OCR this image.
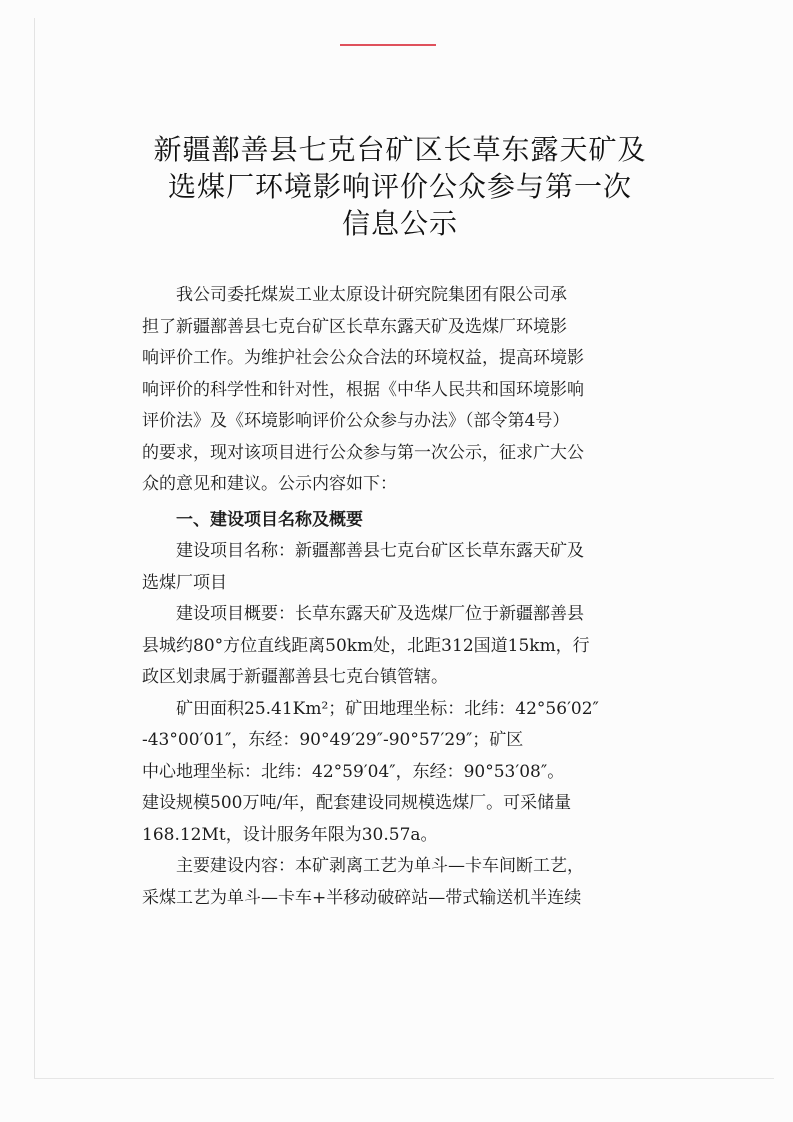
新疆鄯善县七克台矿区长草东露天矿及
选煤厂环境影响评价公众参与第一次
信息公示
我公司委托煤炭工业太原设计研究院集团有限公司承
担了新疆鄯善县七克台矿区长草东露天矿及选煤厂环境影
响评价工作。为维护社会公众合法的环境权益，提高环境影
响评价的科学性和针对性，根据《中华人民共和国环境影响
评价法》及《环境影响评价公众参与办法》（部令第4号）
的要求，现对该项目进行公众参与第一次公示，征求广大公
众的意见和建议。公示内容如下：
一、建设项目名称及概要
建设项目名称：新疆鄯善县七克台矿区长草东露天矿及
选煤厂项目
建设项目概要：长草东露天矿及选煤厂位于新疆鄯善县
县城约80°方位直线距离50km处，北距312国道15km，行
政区划隶属于新疆鄯善县七克台镇管辖。
矿田面积25.41Km²；矿田地理坐标：北纬：42°56′02″
-43°00′01″，东经：90°49′29″-90°57′29″；矿区
中心地理坐标：北纬：42°59′04″，东经：90°53′08″。
建设规模500万吨/年，配套建设同规模选煤厂。可采储量
168.12Mt，设计服务年限为30.57a。
主要建设内容：本矿剥离工艺为单斗—卡车间断工艺，
采煤工艺为单斗—卡车+半移动破碎站—带式输送机半连续
